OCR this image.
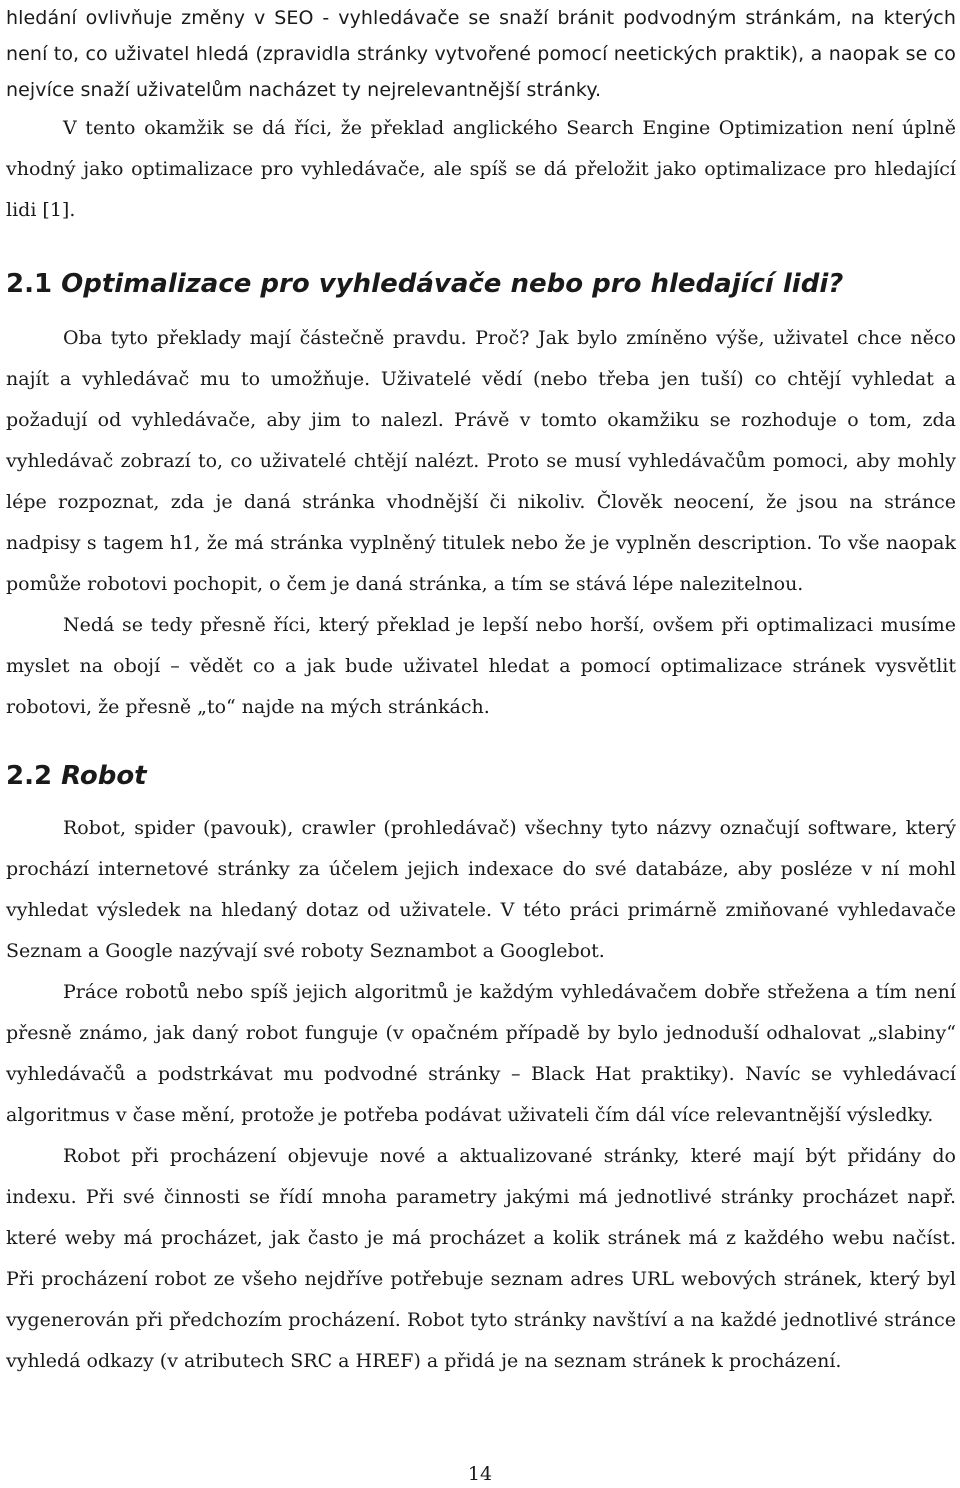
hledání ovlivňuje změny v SEO - vyhledávače se snaží bránit podvodným stránkám, na kterých není to, co uživatel hledá (zpravidla stránky vytvořené pomocí neetických praktik), a naopak se co nejvíce snaží uživatelům nacházet ty nejrelevantnější stránky.

V tento okamžik se dá říci, že překlad anglického Search Engine Optimization není úplně vhodný jako optimalizace pro vyhledávače, ale spíš se dá přeložit jako optimalizace pro hledající lidi [1].

2.1 Optimalizace pro vyhledávače nebo pro hledající lidi?

Oba tyto překlady mají částečně pravdu. Proč? Jak bylo zmíněno výše, uživatel chce něco najít a vyhledávač mu to umožňuje. Uživatelé vědí (nebo třeba jen tuší) co chtějí vyhledat a požadují od vyhledávače, aby jim to nalezl. Právě v tomto okamžiku se rozhoduje o tom, zda vyhledávač zobrazí to, co uživatelé chtějí nalézt. Proto se musí vyhledávačům pomoci, aby mohly lépe rozpoznat, zda je daná stránka vhodnější či nikoliv. Člověk neocení, že jsou na stránce nadpisy s tagem h1, že má stránka vyplněný titulek nebo že je vyplněn description. To vše naopak pomůže robotovi pochopit, o čem je daná stránka, a tím se stává lépe nalezitelnou.

Nedá se tedy přesně říci, který překlad je lepší nebo horší, ovšem při optimalizaci musíme myslet na obojí – vědět co a jak bude uživatel hledat a pomocí optimalizace stránek vysvětlit robotovi, že přesně „to“ najde na mých stránkách.

2.2 Robot

Robot, spider (pavouk), crawler (prohledávač) všechny tyto názvy označují software, který prochází internetové stránky za účelem jejich indexace do své databáze, aby posléze v ní mohl vyhledat výsledek na hledaný dotaz od uživatele. V této práci primárně zmiňované vyhledavače Seznam a Google nazývají své roboty Seznambot a Googlebot.

Práce robotů nebo spíš jejich algoritmů je každým vyhledávačem dobře střežena a tím není přesně známo, jak daný robot funguje (v opačném případě by bylo jednoduší odhalovat „slabiny“ vyhledávačů a podstrkávat mu podvodné stránky – Black Hat praktiky). Navíc se vyhledávací algoritmus v čase mění, protože je potřeba podávat uživateli čím dál více relevantnější výsledky.

Robot při procházení objevuje nové a aktualizované stránky, které mají být přidány do indexu. Při své činnosti se řídí mnoha parametry jakými má jednotlivé stránky procházet např. které weby má procházet, jak často je má procházet a kolik stránek má z každého webu načíst. Při procházení robot ze všeho nejdříve potřebuje seznam adres URL webových stránek, který byl vygenerován při předchozím procházení. Robot tyto stránky navštíví a na každé jednotlivé stránce vyhledá odkazy (v atributech SRC a HREF) a přidá je na seznam stránek k procházení.

14
